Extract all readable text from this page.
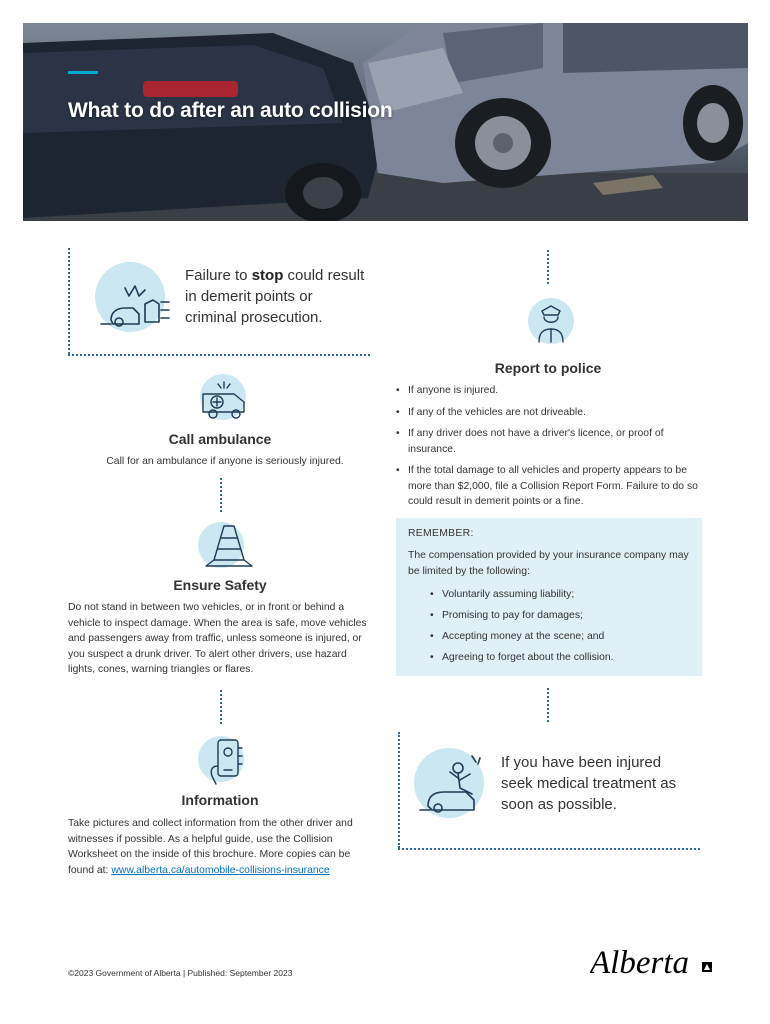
What to do after an auto collision
Failure to stop could result in demerit points or criminal prosecution.
Report to police
• If anyone is injured.
• If any of the vehicles are not driveable.
• If any driver does not have a driver's licence, or proof of insurance.
• If the total damage to all vehicles and property appears to be more than $2,000, file a Collision Report Form. Failure to do so could result in demerit points or a fine.
Call ambulance
Call for an ambulance if anyone is seriously injured.
REMEMBER:
The compensation provided by your insurance company may be limited by the following:
• Voluntarily assuming liability;
• Promising to pay for damages;
• Accepting money at the scene; and
• Agreeing to forget about the collision.
Ensure Safety
Do not stand in between two vehicles, or in front or behind a vehicle to inspect damage. When the area is safe, move vehicles and passengers away from traffic, unless someone is injured, or you suspect a drunk driver. To alert other drivers, use hazard lights, cones, warning triangles or flares.
Information
Take pictures and collect information from the other driver and witnesses if possible. As a helpful guide, use the Collision Worksheet on the inside of this brochure. More copies can be found at: www.alberta.ca/automobile-collisions-insurance
If you have been injured seek medical treatment as soon as possible.
©2023 Government of Alberta | Published: September 2023	Alberta
